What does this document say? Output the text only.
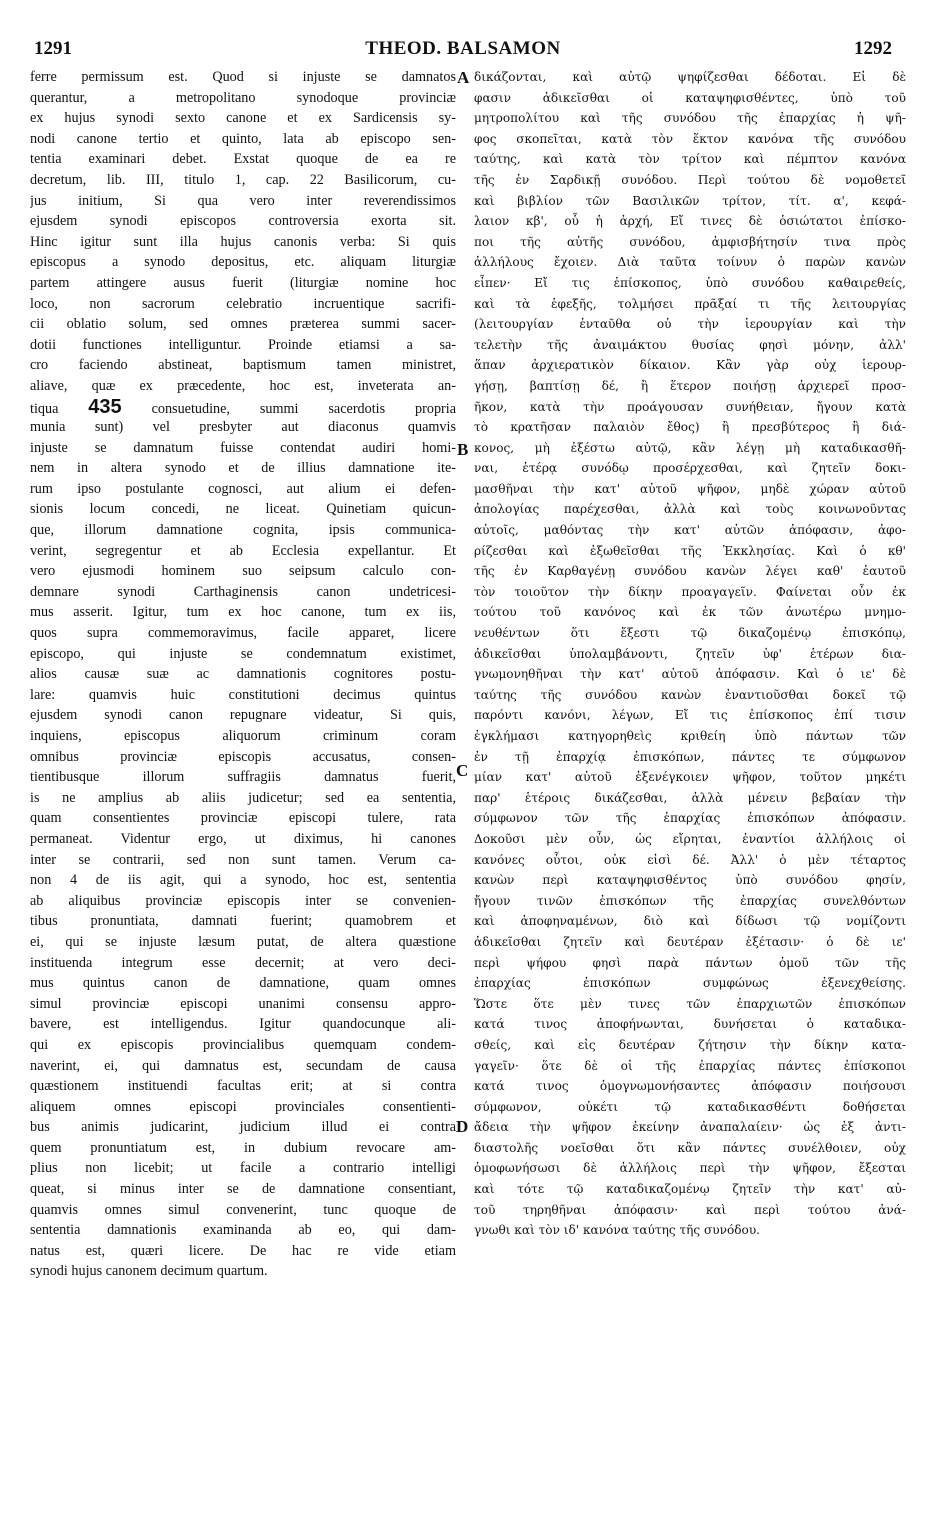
1291	THEOD. BALSAMON	1292
ferre permissum est. Quod si injuste se damnatos
querantur, a metropolitano synodoque provinciæ
ex hujus synodi sexto canone et ex Sardicensis sy-
nodi canone tertio et quinto, lata ab episcopo sen-
tentia examinari debet. Exstat quoque de ea re
decretum, lib. III, titulo 1, cap. 22 Basilicorum, cu-
jus initium, Si qua vero inter reverendissimos
ejusdem synodi episcopos controversia exorta sit.
Hinc igitur sunt illa hujus canonis verba: Si quis
episcopus a synodo depositus, etc. aliquam liturgiæ
partem attingere ausus fuerit (liturgiæ nomine hoc
loco, non sacrorum celebratio incruentique sacrifi-
cii oblatio solum, sed omnes præterea summi sacer-
dotii functiones intelliguntur. Proinde etiamsi a sa-
cro faciendo abstineat, baptismum tamen ministret,
aliave, quæ ex præcedente, hoc est, inveterata an-
tiqua 435 consuetudine, summi sacerdotis propria
munia sunt) vel presbyter aut diaconus quamvis
injuste se damnatum fuisse contendat audiri homi-
nem in altera synodo et de illius damnatione ite-
rum ipso postulante cognosci, aut alium ei defen-
sionis locum concedi, ne liceat. Quinetiam quicun-
que, illorum damnatione cognita, ipsis communica-
verint, segregentur et ab Ecclesia expellantur. Et
vero ejusmodi hominem suo seipsum calculo con-
demnare synodi Carthaginensis canon undetricesi-
mus asserit. Igitur, tum ex hoc canone, tum ex iis,
quos supra commemoravimus, facile apparet, licere
episcopo, qui injuste se condemnatum existimet,
alios causæ suæ ac damnationis cognitores postu-
lare: quamvis huic constitutioni decimus quintus
ejusdem synodi canon repugnare videatur, Si quis,
inquiens, episcopus aliquorum criminum coram
omnibus provinciæ episcopis accusatus, consen-
tientibusque illorum suffragiis damnatus fuerit,
is ne amplius ab aliis judicetur; sed ea sententia,
quam consentientes provinciæ episcopi tulere, rata
permaneat. Videntur ergo, ut diximus, hi canones
inter se contrarii, sed non sunt tamen. Verum ca-
non 4 de iis agit, qui a synodo, hoc est, sententia
ab aliquibus provinciæ episcopis inter se convenien-
tibus pronuntiata, damnati fuerint; quamobrem et
ei, qui se injuste læsum putat, de altera quæstione
instituenda integrum esse decernit; at vero deci-
mus quintus canon de damnatione, quam omnes
simul provinciæ episcopi unanimi consensu appro-
bavere, est intelligendus. Igitur quandocunque ali-
qui ex episcopis provincialibus quemquam condem-
naverint, ei, qui damnatus est, secundam de causa
quæstionem instituendi facultas erit; at si contra
aliquem omnes episcopi provinciales consentienti-
bus animis judicarint, judicium illud ei contra
quem pronuntiatum est, in dubium revocare am-
plius non licebit; ut facile a contrario intelligi
queat, si minus inter se de damnatione consentiant,
quamvis omnes simul convenerint, tunc quoque de
sententia damnationis examinanda ab eo, qui dam-
natus est, quæri licere. De hac re vide etiam
synodi hujus canonem decimum quartum.
δικάζονται, καὶ αὐτῷ ψηφίζεσθαι δέδοται. Εἰ δὲ
φασιν ἀδικεῖσθαι οἱ καταψηφισθέντες, ὑπὸ τοῦ
μητροπολίτου καὶ τῆς συνόδου τῆς ἐπαρχίας ἡ ψῆ-
φος σκοπεῖται, κατὰ τὸν ἕκτον κανόνα τῆς συνόδου
ταύτης, καὶ κατὰ τὸν τρίτον καὶ πέμπτον κανόνα
τῆς ἐν Σαρδικῇ συνόδου. Περὶ τούτου δὲ νομοθετεῖ
καὶ βιβλίον τῶν Βασιλικῶν τρίτον, τίτ. α', κεφά-
λαιον κβ', οὗ ἡ ἀρχή, Εἴ τινες δὲ ὁσιώτατοι ἐπίσκο-
ποι τῆς αὐτῆς συνόδου, ἀμφισβήτησίν τινα πρὸς
ἀλλήλους ἔχοιεν. Διὰ ταῦτα τοίνυν ὁ παρὼν κανὼν
εἶπεν· Εἴ τις ἐπίσκοπος, ὑπὸ συνόδου καθαιρεθείς,
καὶ τὰ ἑφεξῆς, τολμήσει πρᾶξαί τι τῆς λειτουργίας
(λειτουργίαν ἐνταῦθα οὐ τὴν ἱερουργίαν καὶ τὴν
τελετὴν τῆς ἀναιμάκτου θυσίας φησὶ μόνην, ἀλλ'
ἅπαν ἀρχιερατικὸν δίκαιον. Κἂν γὰρ οὐχ ἱερουρ-
γήσῃ, βαπτίσῃ δέ, ἢ ἕτερον ποιήσῃ ἀρχιερεῖ προσ-
ῆκον, κατὰ τὴν προάγουσαν συνήθειαν, ἤγουν κατὰ
τὸ κρατῆσαν παλαιὸν ἔθος) ἢ πρεσβύτερος ἢ διά-
κονος, μὴ ἐξέστω αὐτῷ, κἂν λέγῃ μὴ καταδικασθῆ-
ναι, ἑτέρᾳ συνόδῳ προσέρχεσθαι, καὶ ζητεῖν δοκι-
μασθῆναι τὴν κατ' αὐτοῦ ψῆφον, μηδὲ χώραν αὐτοῦ
ἀπολογίας παρέχεσθαι, ἀλλὰ καὶ τοὺς κοινωνοῦντας
αὐτοῖς, μαθόντας τὴν κατ' αὐτῶν ἀπόφασιν, ἀφο-
ρίζεσθαι καὶ ἐξωθεῖσθαι τῆς Ἐκκλησίας. Καὶ ὁ κθ'
τῆς ἐν Καρθαγένῃ συνόδου κανὼν λέγει καθ' ἑαυτοῦ
τὸν τοιοῦτον τὴν δίκην προαγαγεῖν. Φαίνεται οὖν ἐκ
τούτου τοῦ κανόνος καὶ ἐκ τῶν ἀνωτέρω μνημο-
νευθέντων ὅτι ἔξεστι τῷ δικαζομένῳ ἐπισκόπῳ,
ἀδικεῖσθαι ὑπολαμβάνοντι, ζητεῖν ὑφ' ἑτέρων δια-
γνωμονηθῆναι τὴν κατ' αὐτοῦ ἀπόφασιν. Καὶ ὁ ιε' δὲ
ταύτης τῆς συνόδου κανὼν ἐναντιοῦσθαι δοκεῖ τῷ
παρόντι κανόνι, λέγων, Εἴ τις ἐπίσκοπος ἐπί τισιν
ἐγκλήμασι κατηγορηθεὶς κριθείη ὑπὸ πάντων τῶν
ἐν τῇ ἐπαρχίᾳ ἐπισκόπων, πάντες τε σύμφωνον
μίαν κατ' αὐτοῦ ἐξενέγκοιεν ψῆφον, τοῦτον μηκέτι
παρ' ἑτέροις δικάζεσθαι, ἀλλὰ μένειν βεβαίαν τὴν
σύμφωνον τῶν τῆς ἐπαρχίας ἐπισκόπων ἀπόφασιν.
Δοκοῦσι μὲν οὖν, ὡς εἴρηται, ἐναντίοι ἀλλήλοις οἱ
κανόνες οὗτοι, οὐκ εἰσὶ δέ. Ἀλλ' ὁ μὲν τέταρτος
κανὼν περὶ καταψηφισθέντος ὑπὸ συνόδου φησίν,
ἤγουν τινῶν ἐπισκόπων τῆς ἐπαρχίας συνελθόντων
καὶ ἀποφηναμένων, διὸ καὶ δίδωσι τῷ νομίζοντι
ἀδικεῖσθαι ζητεῖν καὶ δευτέραν ἐξέτασιν· ὁ δὲ ιε'
περὶ ψήφου φησὶ παρὰ πάντων ὁμοῦ τῶν τῆς
ἐπαρχίας ἐπισκόπων συμφώνως ἐξενεχθείσης.
Ὥστε ὅτε μὲν τινες τῶν ἐπαρχιωτῶν ἐπισκόπων
κατά τινος ἀποφήνωνται, δυνήσεται ὁ καταδικα-
σθείς, καὶ εἰς δευτέραν ζήτησιν τὴν δίκην κατα-
γαγεῖν· ὅτε δὲ οἱ τῆς ἐπαρχίας πάντες ἐπίσκοποι
κατά τινος ὁμογνωμονήσαντες ἀπόφασιν ποιήσουσι
σύμφωνον, οὐκέτι τῷ καταδικασθέντι δοθήσεται
ἄδεια τὴν ψῆφον ἐκείνην ἀναπαλαίειν· ὡς ἐξ ἀντι-
διαστολῆς νοεῖσθαι ὅτι κἂν πάντες συνέλθοιεν, οὐχ
ὁμοφωνήσωσι δὲ ἀλλήλοις περὶ τὴν ψῆφον, ἔξεσται
καὶ τότε τῷ καταδικαζομένῳ ζητεῖν τὴν κατ' αὐ-
τοῦ τηρηθῆναι ἀπόφασιν· καὶ περὶ τούτου ἀνά-
γνωθι καὶ τὸν ιδ' κανόνα ταύτης τῆς συνόδου.
A
B
C
D
